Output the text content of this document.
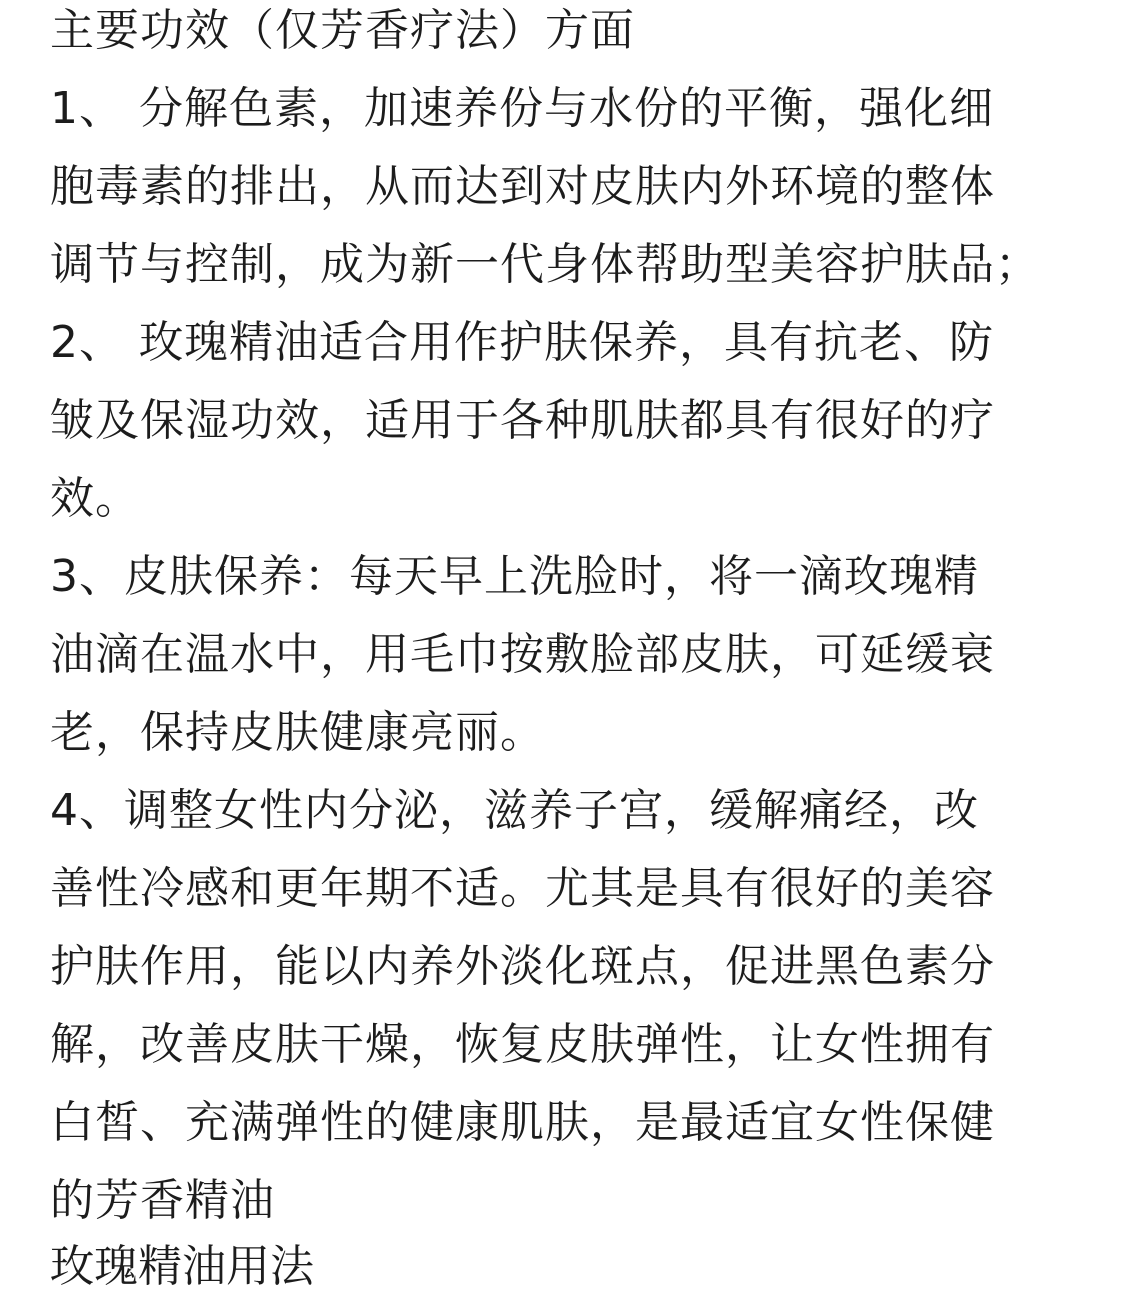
主要功效（仅芳香疗法）方面
1、 分解色素，加速养份与水份的平衡，强化细
胞毒素的排出，从而达到对皮肤内外环境的整体
调节与控制，成为新一代身体帮助型美容护肤品；
2、 玫瑰精油适合用作护肤保养，具有抗老、防
皱及保湿功效，适用于各种肌肤都具有很好的疗
效。
3、皮肤保养：每天早上洗脸时，将一滴玫瑰精
油滴在温水中，用毛巾按敷脸部皮肤，可延缓衰
老，保持皮肤健康亮丽。
4、调整女性内分泌，滋养子宫，缓解痛经，改
善性冷感和更年期不适。尤其是具有很好的美容
护肤作用，能以内养外淡化斑点，促进黑色素分
解，改善皮肤干燥，恢复皮肤弹性，让女性拥有
白皙、充满弹性的健康肌肤，是最适宜女性保健
的芳香精油
玫瑰精油用法
